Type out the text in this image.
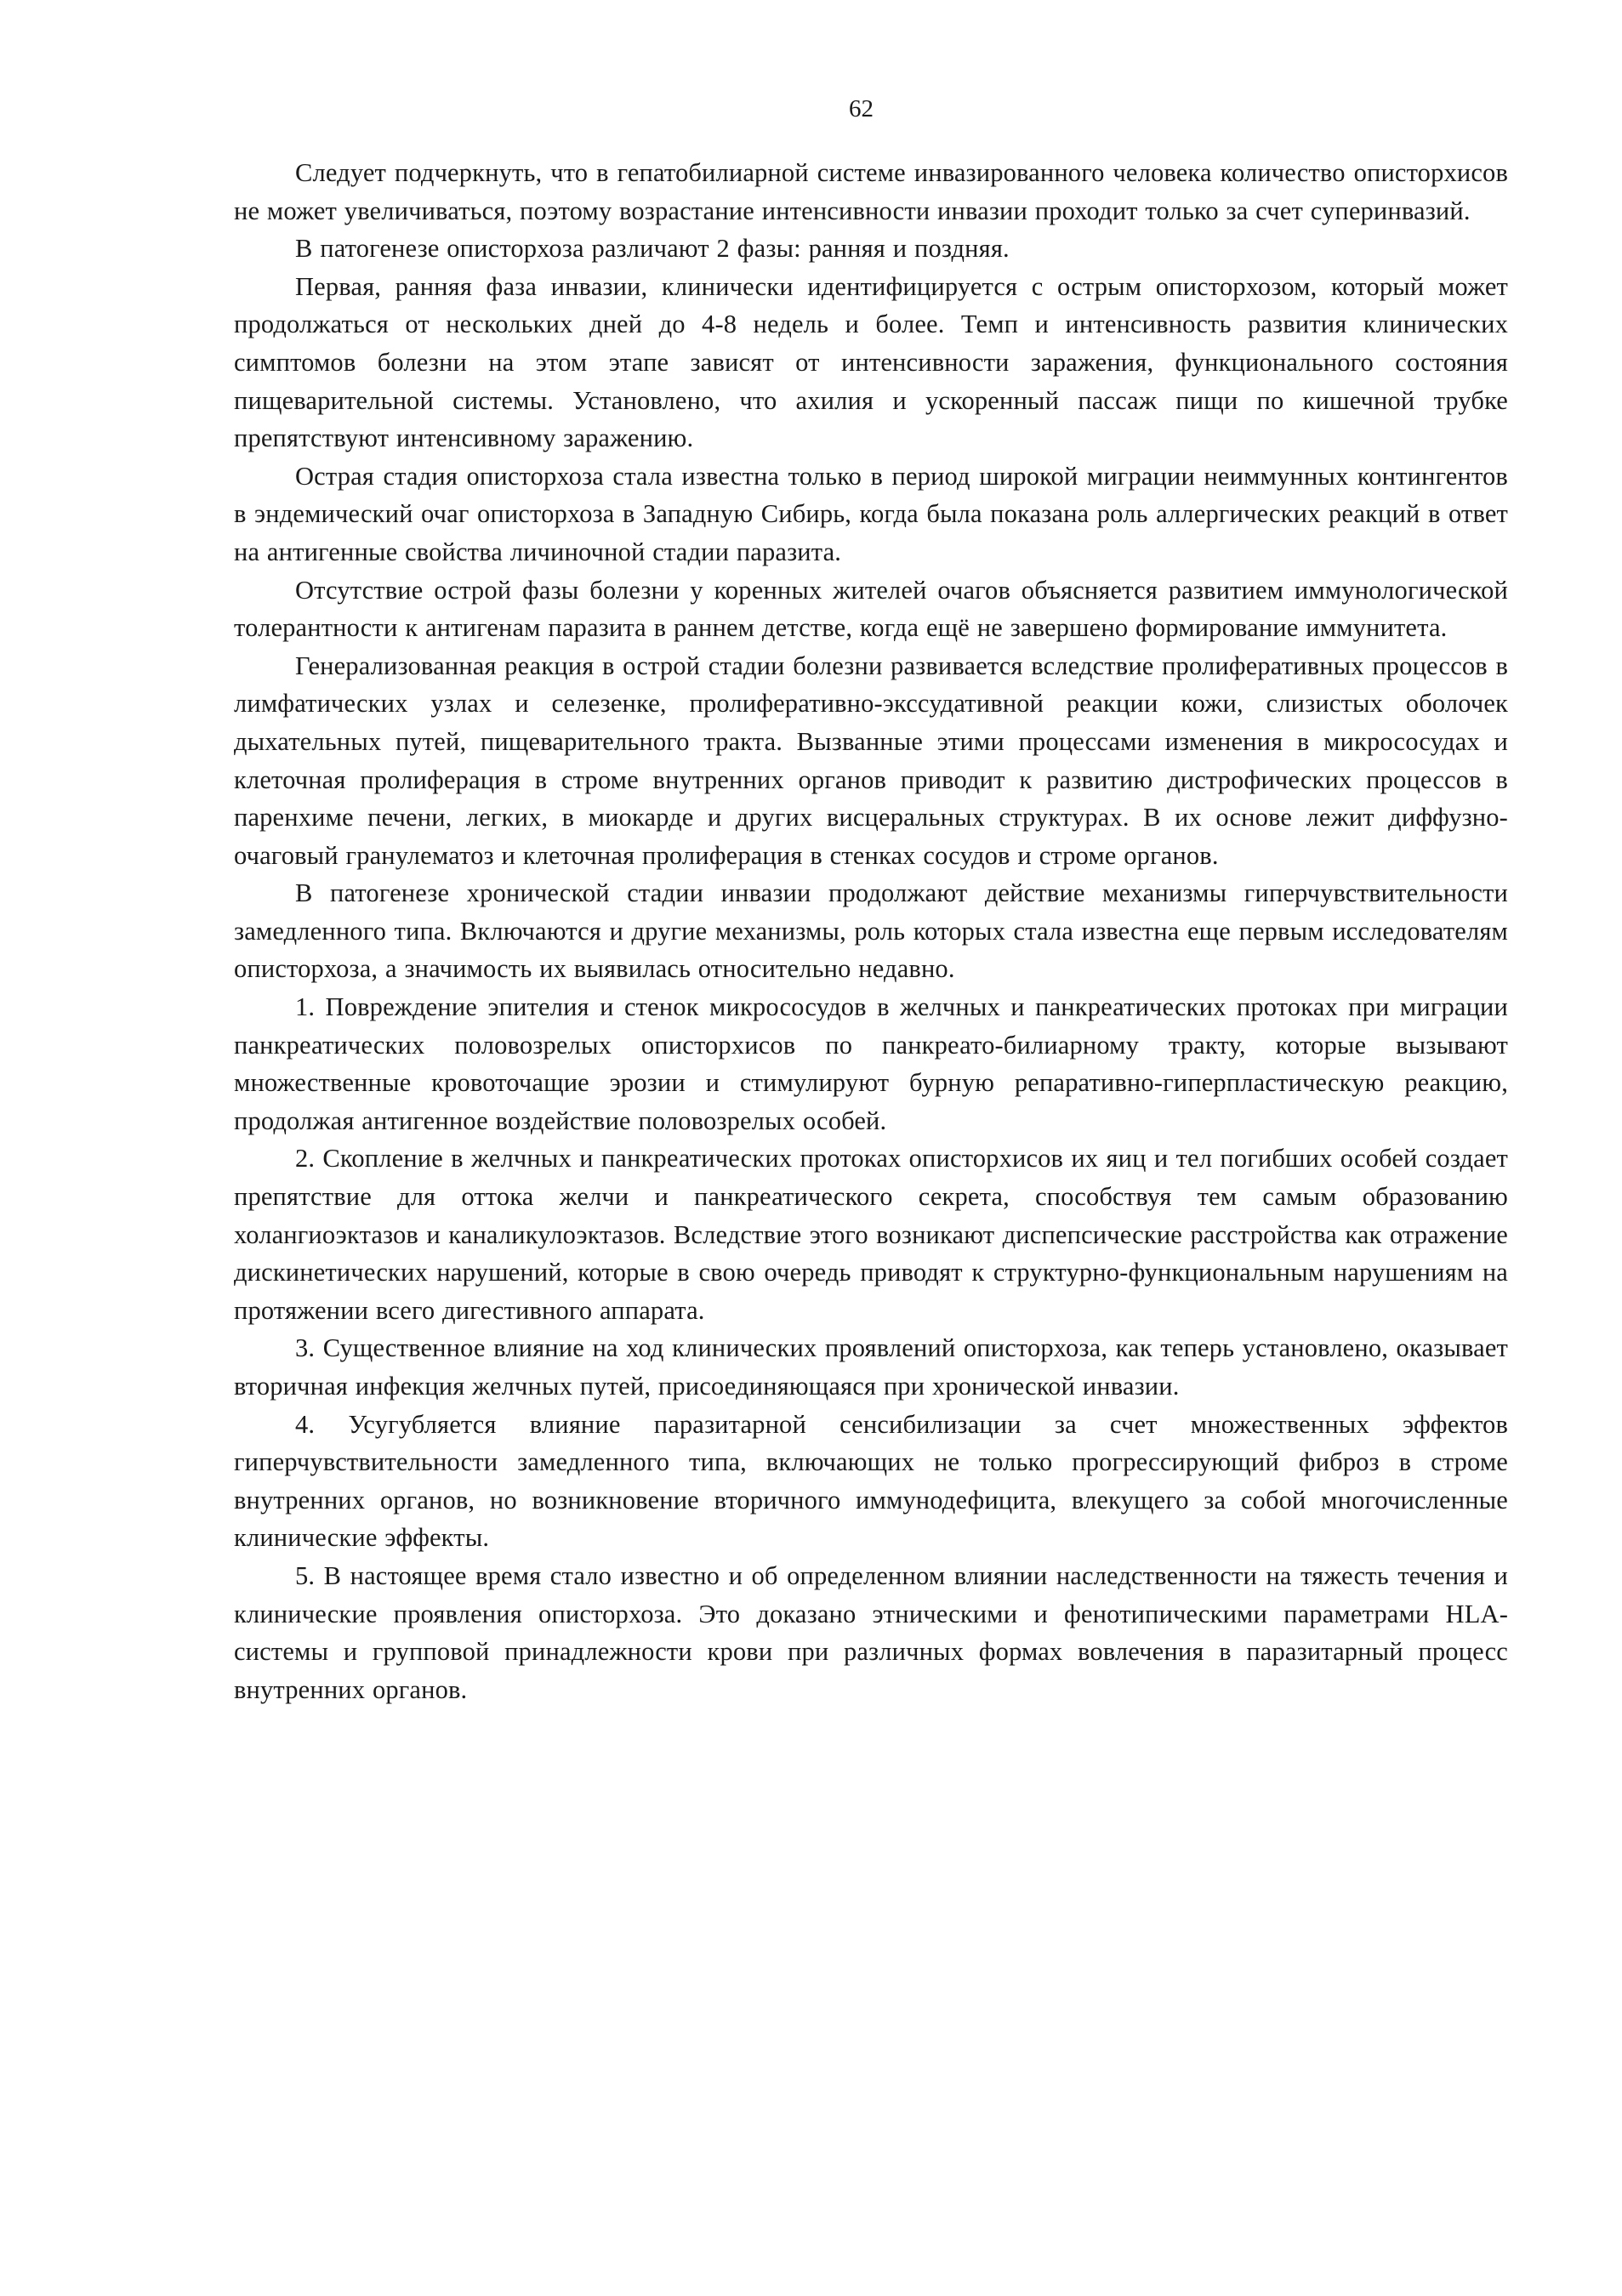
62

Следует подчеркнуть, что в гепатобилиарной системе инвазированного человека количество описторхисов не может увеличиваться, поэтому возрастание интенсивности инвазии проходит только за счет суперинвазий.

В патогенезе описторхоза различают 2 фазы: ранняя и поздняя.

Первая, ранняя фаза инвазии, клинически идентифицируется с острым описторхозом, который может продолжаться от нескольких дней до 4-8 недель и более. Темп и интенсивность развития клинических симптомов болезни на этом этапе зависят от интенсивности заражения, функционального состояния пищеварительной системы. Установлено, что ахилия и ускоренный пассаж пищи по кишечной трубке препятствуют интенсивному заражению.

Острая стадия описторхоза стала известна только в период широкой миграции неиммунных контингентов в эндемический очаг описторхоза в Западную Сибирь, когда была показана роль аллергических реакций в ответ на антигенные свойства личиночной стадии паразита.

Отсутствие острой фазы болезни у коренных жителей очагов объясняется развитием иммунологической толерантности к антигенам паразита в раннем детстве, когда ещё не завершено формирование иммунитета.

Генерализованная реакция в острой стадии болезни развивается вследствие пролиферативных процессов в лимфатических узлах и селезенке, пролиферативно-экссудативной реакции кожи, слизистых оболочек дыхательных путей, пищеварительного тракта. Вызванные этими процессами изменения в микрососудах и клеточная пролиферация в строме внутренних органов приводит к развитию дистрофических процессов в паренхиме печени, легких, в миокарде и других висцеральных структурах. В их основе лежит диффузно-очаговый гранулематоз и клеточная пролиферация в стенках сосудов и строме органов.

В патогенезе хронической стадии инвазии продолжают действие механизмы гиперчувствительности замедленного типа. Включаются и другие механизмы, роль которых стала известна еще первым исследователям описторхоза, а значимость их выявилась относительно недавно.

1. Повреждение эпителия и стенок микрососудов в желчных и панкреатических протоках при миграции панкреатических половозрелых описторхисов по панкреато-билиарному тракту, которые вызывают множественные кровоточащие эрозии и стимулируют бурную репаративно-гиперпластическую реакцию, продолжая антигенное воздействие половозрелых особей.

2. Скопление в желчных и панкреатических протоках описторхисов их яиц и тел погибших особей создает препятствие для оттока желчи и панкреатического секрета, способствуя тем самым образованию холангиоэктазов и каналикулоэктазов. Вследствие этого возникают диспепсические расстройства как отражение дискинетических нарушений, которые в свою очередь приводят к структурно-функциональным нарушениям на протяжении всего дигестивного аппарата.

3. Существенное влияние на ход клинических проявлений описторхоза, как теперь установлено, оказывает вторичная инфекция желчных путей, присоединяющаяся при хронической инвазии.

4. Усугубляется влияние паразитарной сенсибилизации за счет множественных эффектов гиперчувствительности замедленного типа, включающих не только прогрессирующий фиброз в строме внутренних органов, но возникновение вторичного иммунодефицита, влекущего за собой многочисленные клинические эффекты.

5. В настоящее время стало известно и об определенном влиянии наследственности на тяжесть течения и клинические проявления описторхоза. Это доказано этническими и фенотипическими параметрами HLA-системы и групповой принадлежности крови при различных формах вовлечения в паразитарный процесс внутренних органов.
